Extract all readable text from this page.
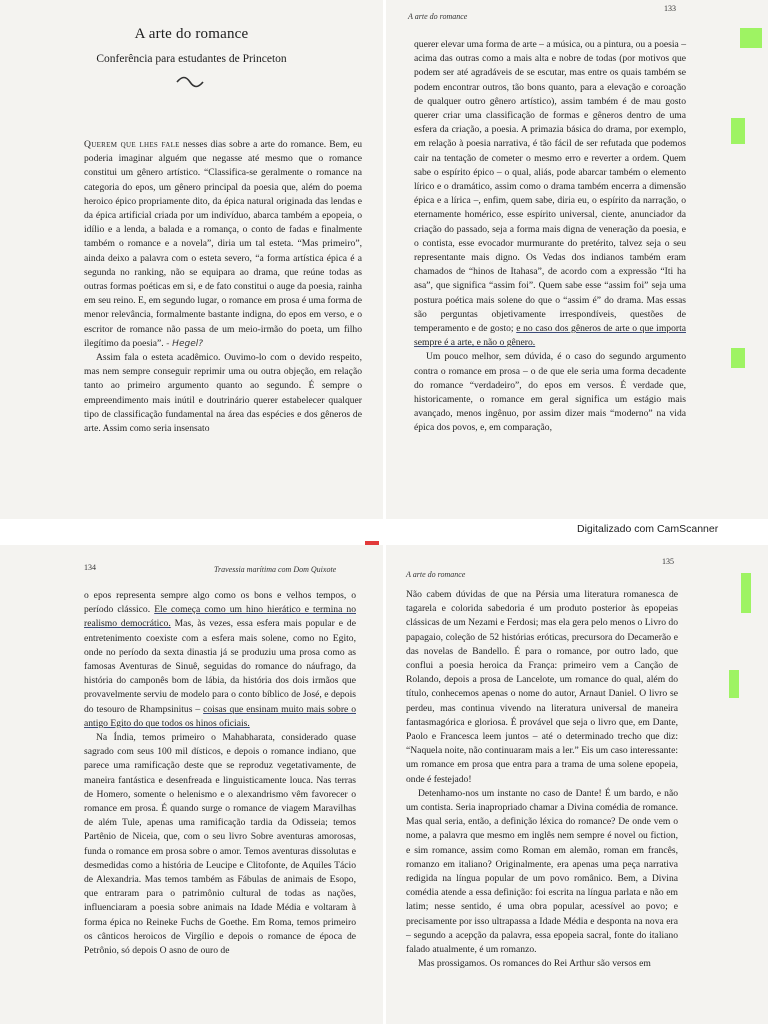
A arte do romance
Conferência para estudantes de Princeton

Querem que lhes fale nesses dias sobre a arte do romance. Bem, eu poderia imaginar alguém que negasse até mesmo que o romance constitui um gênero artístico. “Classifica-se geralmente o romance na categoria do epos, um gênero principal da poesia que, além do poema heroico épico propriamente dito, da épica natural originada das lendas e da épica artificial criada por um indivíduo, abarca também a epopeia, o idílio e a lenda, a balada e a romança, o conto de fadas e finalmente também o romance e a novela”, diria um tal esteta. “Mas primeiro”, ainda deixo a palavra com o esteta severo, “a forma artística épica é a segunda no ranking, não se equipara ao drama, que reúne todas as outras formas poéticas em si, e de fato constitui o auge da poesia, rainha em seu reino. E, em segundo lugar, o romance em prosa é uma forma de menor relevância, formalmente bastante indigna, do epos em verso, e o escritor de romance não passa de um meio-irmão do poeta, um filho ilegítimo da poesia”. - Hegel?

Assim fala o esteta acadêmico. Ouvimo-lo com o devido respeito, mas nem sempre conseguir reprimir uma ou outra objeção, em relação tanto ao primeiro argumento quanto ao segundo. É sempre o empreendimento mais inútil e doutrinário querer estabelecer qualquer tipo de classificação fundamental na área das espécies e dos gêneros de arte. Assim como seria insensato

A arte do romance
133

querer elevar uma forma de arte – a música, ou a pintura, ou a poesia – acima das outras como a mais alta e nobre de todas (por motivos que podem ser até agradáveis de se escutar, mas entre os quais também se podem encontrar outros, tão bons quanto, para a elevação e coroação de qualquer outro gênero artístico), assim também é de mau gosto querer criar uma classificação de formas e gêneros dentro de uma esfera da criação, a poesia. A primazia básica do drama, por exemplo, em relação à poesia narrativa, é tão fácil de ser refutada que podemos cair na tentação de cometer o mesmo erro e reverter a ordem. Quem sabe o espírito épico – o qual, aliás, pode abarcar também o elemento lírico e o dramático, assim como o drama também encerra a dimensão épica e a lírica –, enfim, quem sabe, diria eu, o espírito da narração, o eternamente homérico, esse espírito universal, ciente, anunciador da criação do passado, seja a forma mais digna de veneração da poesia, e o contista, esse evocador murmurante do pretérito, talvez seja o seu representante mais digno. Os Vedas dos indianos também eram chamados de “hinos de Itahasa”, de acordo com a expressão “Iti ha asa”, que significa “assim foi”. Quem sabe esse “assim foi” seja uma postura poética mais solene do que o “assim é” do drama. Mas essas são perguntas objetivamente irrespondíveis, questões de temperamento e de gosto; e no caso dos gêneros de arte o que importa sempre é a arte, e não o gênero.

Um pouco melhor, sem dúvida, é o caso do segundo argumento contra o romance em prosa – o de que ele seria uma forma decadente do romance “verdadeiro”, do epos em versos. É verdade que, historicamente, o romance em geral significa um estágio mais avançado, menos ingênuo, por assim dizer mais “moderno” na vida épica dos povos, e, em comparação,

Digitalizado com CamScanner
134	Travessia marítima com Dom Quixote

o epos representa sempre algo como os bons e velhos tempos, o período clássico. Ele começa como um hino hierático e termina no realismo democrático. Mas, às vezes, essa esfera mais popular e de entretenimento coexiste com a esfera mais solene, como no Egito, onde no período da sexta dinastia já se produziu uma prosa como as famosas Aventuras de Sinuê, seguidas do romance do náufrago, da história do camponês bom de lábia, da história dos dois irmãos que provavelmente serviu de modelo para o conto bíblico de José, e depois do tesouro de Rhampsinitus – coisas que ensinam muito mais sobre o antigo Egito do que todos os hinos oficiais.

Na Índia, temos primeiro o Mahabharata, considerado quase sagrado com seus 100 mil dísticos, e depois o romance indiano, que parece uma ramificação deste que se reproduz vegetativamente, de maneira fantástica e desenfreada e linguisticamente louca. Nas terras de Homero, somente o helenismo e o alexandrismo vêm favorecer o romance em prosa. É quando surge o romance de viagem Maravilhas de além Tule, apenas uma ramificação tardia da Odisseia; temos Partênio de Niceia, que, com o seu livro Sobre aventuras amorosas, funda o romance em prosa sobre o amor. Temos aventuras dissolutas e desmedidas como a história de Leucipe e Clitofonte, de Aquiles Tácio de Alexandria. Mas temos também as Fábulas de animais de Esopo, que entraram para o patrimônio cultural de todas as nações, influenciaram a poesia sobre animais na Idade Média e voltaram à forma épica no Reineke Fuchs de Goethe. Em Roma, temos primeiro os cânticos heroicos de Virgílio e depois o romance de época de Petrônio, só depois O asno de ouro de

A arte do romance
135

Não cabem dúvidas de que na Pérsia uma literatura romanesca de tagarela e colorida sabedoria é um produto posterior às epopeias clássicas de um Nezami e Ferdosi; mas ela gera pelo menos o Livro do papagaio, coleção de 52 histórias eróticas, precursora do Decamerão e das novelas de Bandello. É para o romance, por outro lado, que conflui a poesia heroica da França: primeiro vem a Canção de Rolando, depois a prosa de Lancelote, um romance do qual, além do título, conhecemos apenas o nome do autor, Arnaut Daniel. O livro se perdeu, mas continua vivendo na literatura universal de maneira fantasmagórica e gloriosa. É provável que seja o livro que, em Dante, Paolo e Francesca leem juntos – até o determinado trecho que diz: “Naquela noite, não continuaram mais a ler.” Eis um caso interessante: um romance em prosa que entra para a trama de uma solene epopeia, onde é festejado!

Detenhamo-nos um instante no caso de Dante! É um bardo, e não um contista. Seria inapropriado chamar a Divina comédia de romance. Mas qual seria, então, a definição léxica do romance? De onde vem o nome, a palavra que mesmo em inglês nem sempre é novel ou fiction, e sim romance, assim como Roman em alemão, roman em francês, romanzo em italiano? Originalmente, era apenas uma peça narrativa redigida na língua popular de um povo românico. Bem, a Divina comédia atende a essa definição: foi escrita na língua parlata e não em latim; nesse sentido, é uma obra popular, acessível ao povo; e precisamente por isso ultrapassa a Idade Média e desponta na nova era – segundo a acepção da palavra, essa epopeia sacral, fonte do italiano falado atualmente, é um romanzo.

Mas prossigamos. Os romances do Rei Arthur são versos em
